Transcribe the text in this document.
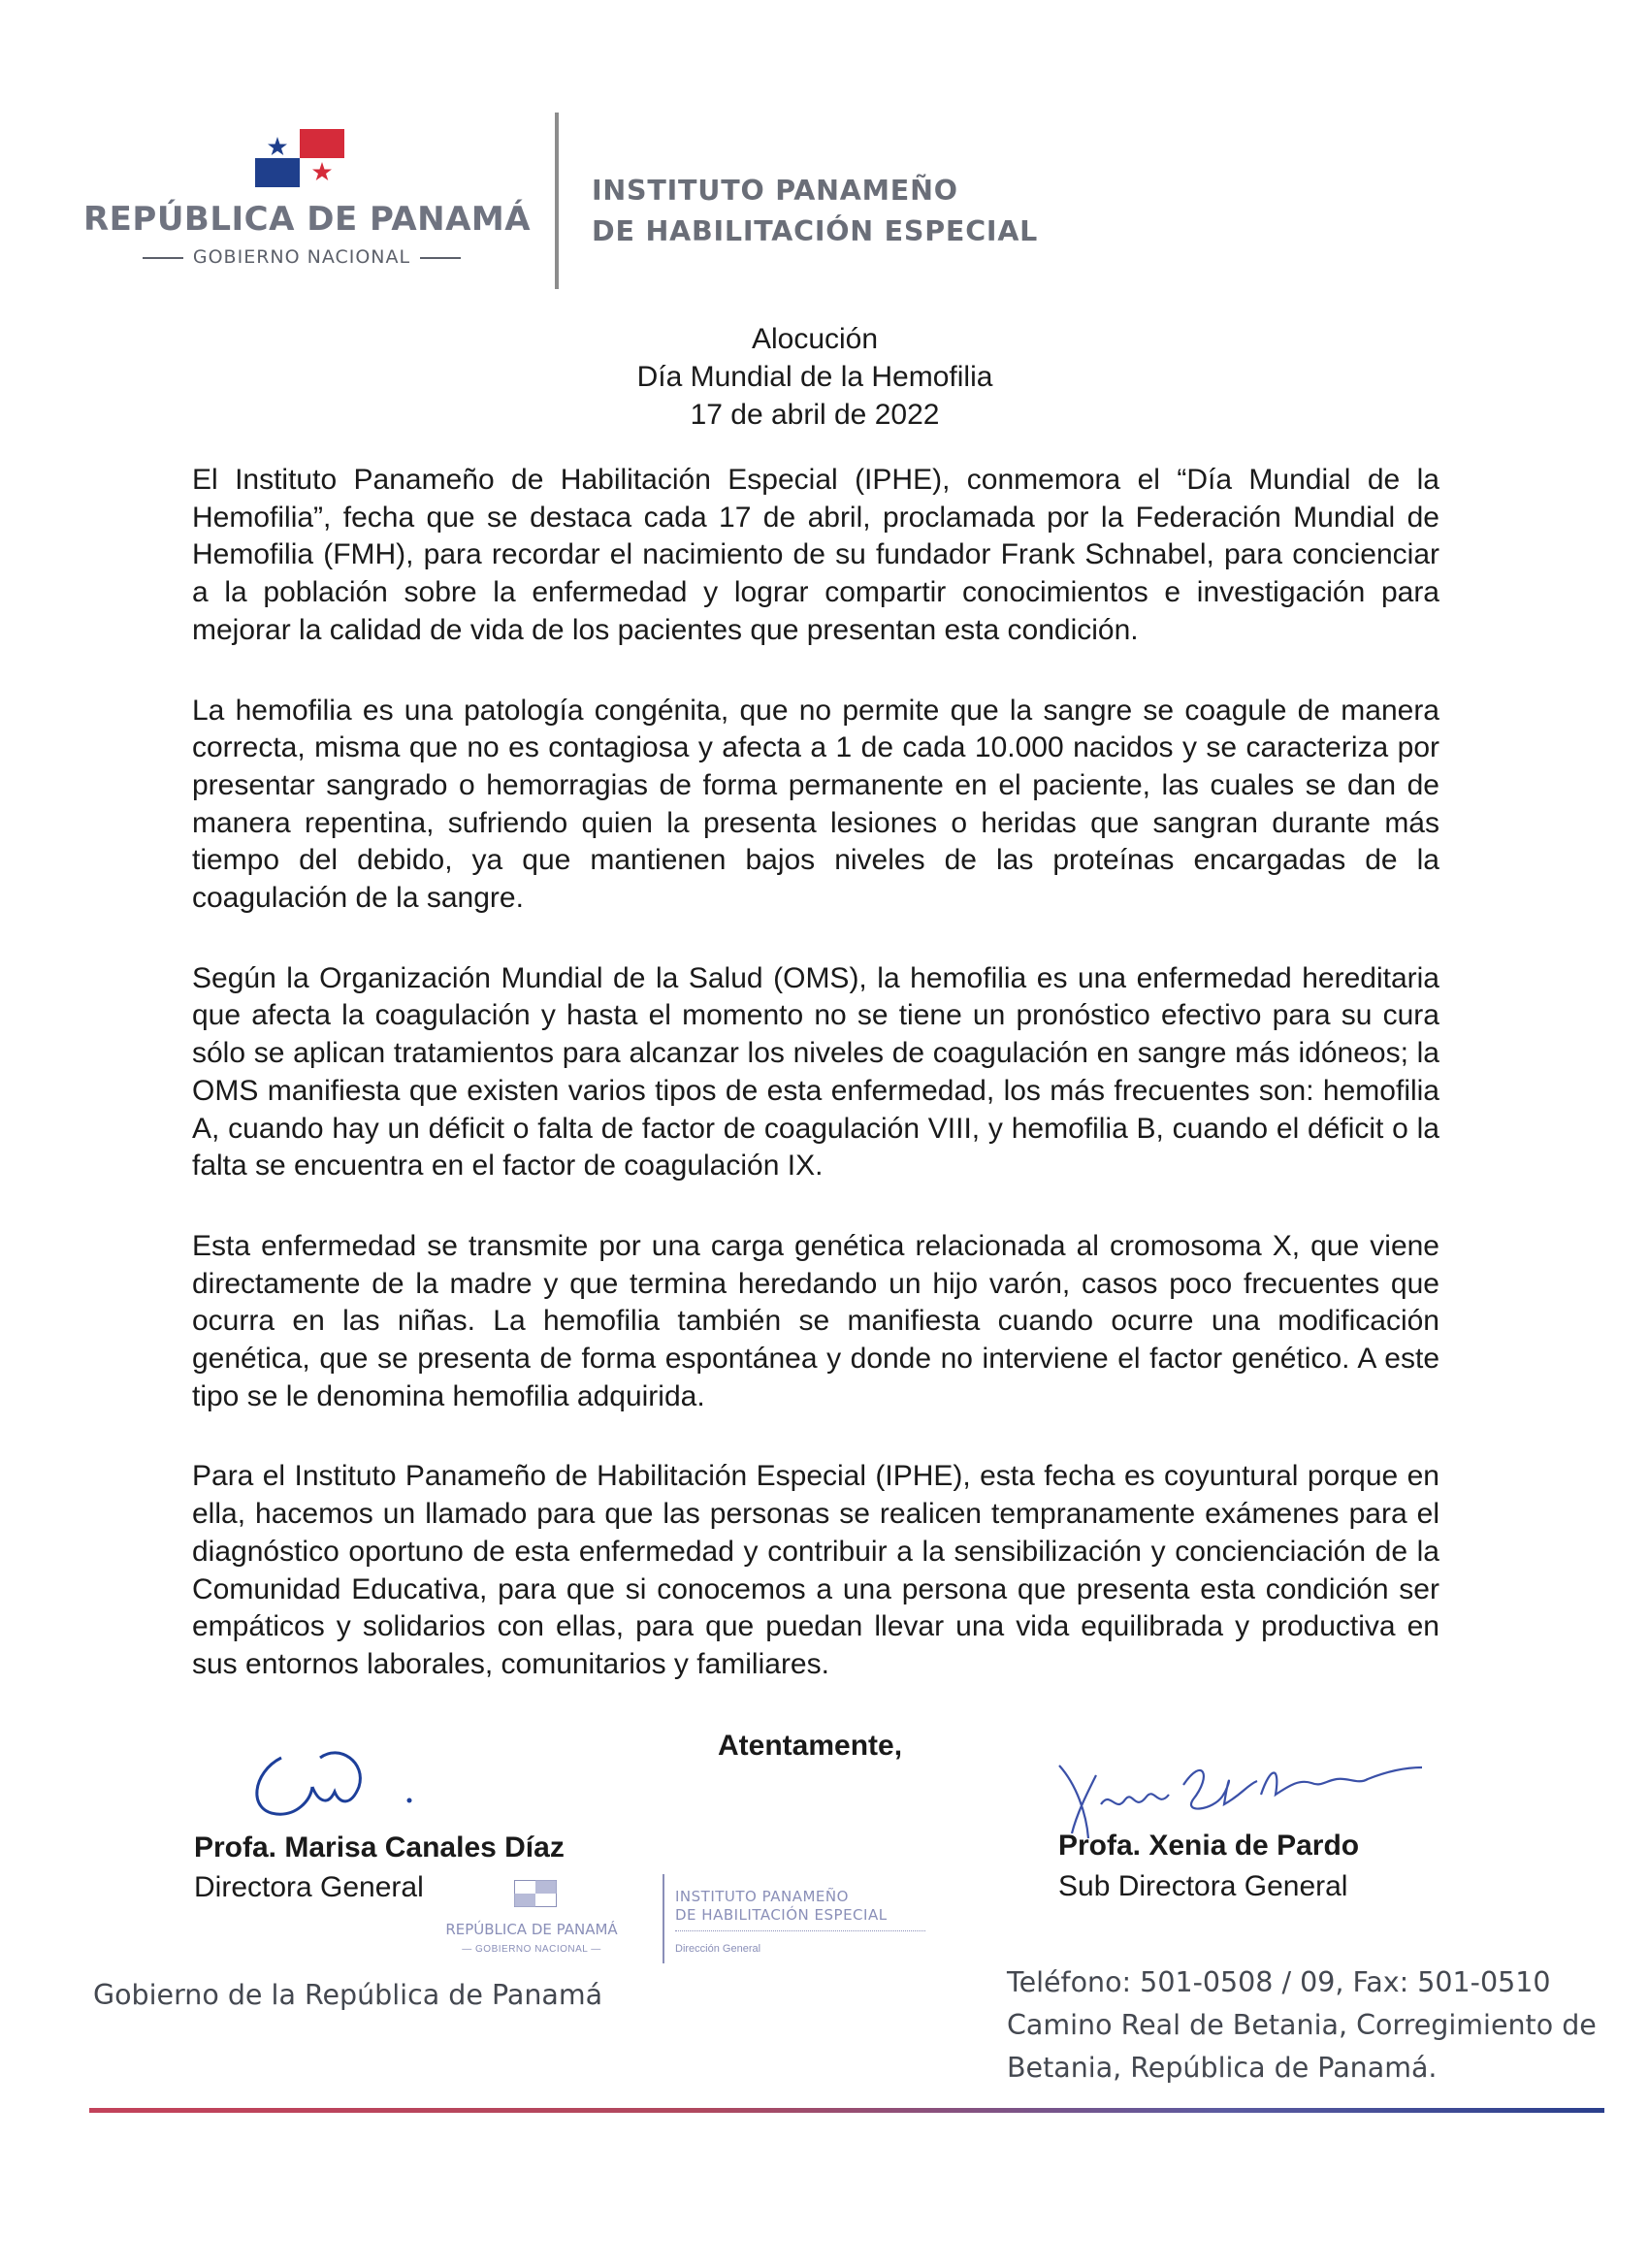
REPÚBLICA DE PANAMÁ
GOBIERNO NACIONAL
INSTITUTO PANAMEÑO
DE HABILITACIÓN ESPECIAL
Alocución
Día Mundial de la Hemofilia
17 de abril de 2022

El Instituto Panameño de Habilitación Especial (IPHE), conmemora el “Día Mundial de la Hemofilia”, fecha que se destaca cada 17 de abril, proclamada por la Federación Mundial de Hemofilia (FMH), para recordar el nacimiento de su fundador Frank Schnabel, para concienciar a la población sobre la enfermedad y lograr compartir conocimientos e investigación para mejorar la calidad de vida de los pacientes que presentan esta condición.

La hemofilia es una patología congénita, que no permite que la sangre se coagule de manera correcta, misma que no es contagiosa y afecta a 1 de cada 10.000 nacidos y se caracteriza por presentar sangrado o hemorragias de forma permanente en el paciente, las cuales se dan de manera repentina, sufriendo quien la presenta lesiones o heridas que sangran durante más tiempo del debido, ya que mantienen bajos niveles de las proteínas encargadas de la coagulación de la sangre.

Según la Organización Mundial de la Salud (OMS), la hemofilia es una enfermedad hereditaria que afecta la coagulación y hasta el momento no se tiene un pronóstico efectivo para su cura sólo se aplican tratamientos para alcanzar los niveles de coagulación en sangre más idóneos; la OMS manifiesta que existen varios tipos de esta enfermedad, los más frecuentes son: hemofilia A, cuando hay un déficit o falta de factor de coagulación VIII, y hemofilia B, cuando el déficit o la falta se encuentra en el factor de coagulación IX.

Esta enfermedad se transmite por una carga genética relacionada al cromosoma X, que viene directamente de la madre y que termina heredando un hijo varón, casos poco frecuentes que ocurra en las niñas. La hemofilia también se manifiesta cuando ocurre una modificación genética, que se presenta de forma espontánea y donde no interviene el factor genético. A este tipo se le denomina hemofilia adquirida.

Para el Instituto Panameño de Habilitación Especial (IPHE), esta fecha es coyuntural porque en ella, hacemos un llamado para que las personas se realicen tempranamente exámenes para el diagnóstico oportuno de esta enfermedad y contribuir a la sensibilización y concienciación de la Comunidad Educativa, para que si conocemos a una persona que presenta esta condición ser empáticos y solidarios con ellas, para que puedan llevar una vida equilibrada y productiva en sus entornos laborales, comunitarios y familiares.

Atentamente,
Profa. Marisa Canales Díaz
Directora General
Profa. Xenia de Pardo
Sub Directora General
REPÚBLICA DE PANAMÁ
— GOBIERNO NACIONAL —
INSTITUTO PANAMEÑO
DE HABILITACIÓN ESPECIAL
Dirección General
Gobierno de la República de Panamá	Teléfono: 501-0508 / 09, Fax: 501-0510
Camino Real de Betania, Corregimiento de
Betania, República de Panamá.
